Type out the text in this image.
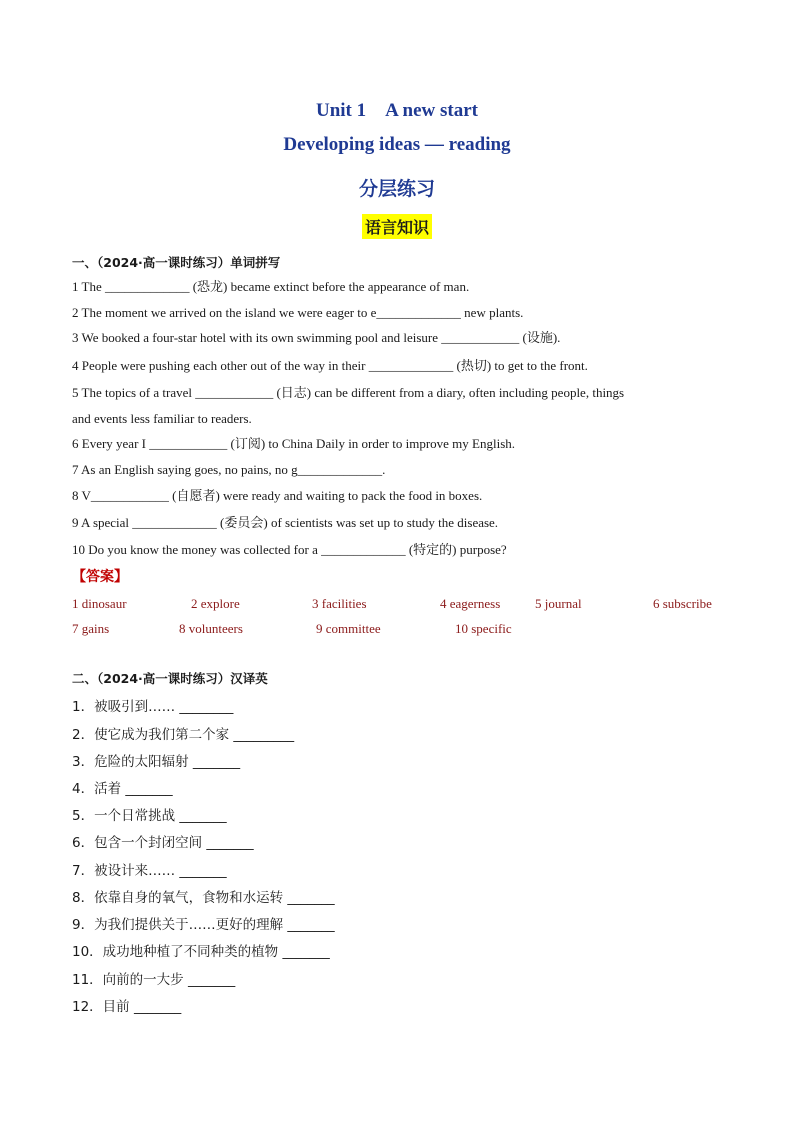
Unit 1　A new start
Developing ideas — reading
分层练习
语言知识
一、（2024·高一课时练习）单词拼写
1 The _____________ (恐龙) became extinct before the appearance of man.
2 The moment we arrived on the island we were eager to e_____________ new plants.
3 We booked a four-star hotel with its own swimming pool and leisure ____________ (设施).
4 People were pushing each other out of the way in their _____________ (热切) to get to the front.
5 The topics of a travel ____________ (日志) can be different from a diary, often including people, things
and events less familiar to readers.
6 Every year I ____________ (订阅) to China Daily in order to improve my English.
7 As an English saying goes, no pains, no g_____________.
8 V____________ (自愿者) were ready and waiting to pack the food in boxes.
9 A special _____________ (委员会) of scientists was set up to study the disease.
10 Do you know the money was collected for a _____________ (特定的) purpose?
【答案】
1 dinosaur	2 explore	3 facilities	4 eagerness	5 journal	6 subscribe
7 gains	8 volunteers	9 committee	10 specific
二、（2024·高一课时练习）汉译英
1．被吸引到…… ________
2．使它成为我们第二个家 _________
3．危险的太阳辐射 _______
4．活着 _______
5．一个日常挑战 _______
6．包含一个封闭空间 _______
7．被设计来…… _______
8．依靠自身的氧气，食物和水运转 _______
9．为我们提供关于……更好的理解 _______
10．成功地种植了不同种类的植物 _______
11．向前的一大步 _______
12．目前 _______
